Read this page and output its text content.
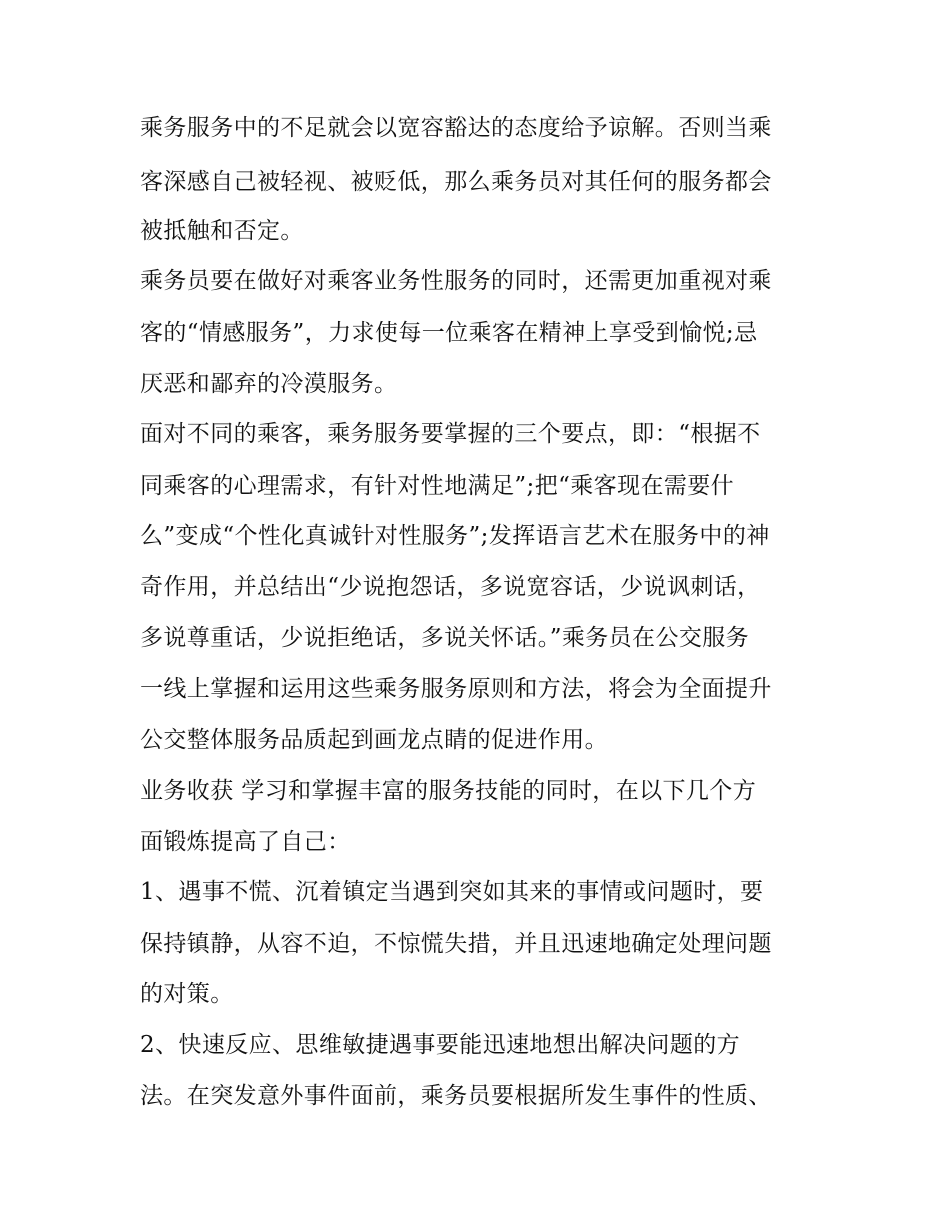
乘务服务中的不足就会以宽容豁达的态度给予谅解。否则当乘

客深感自己被轻视、被贬低，那么乘务员对其任何的服务都会

被抵触和否定。

乘务员要在做好对乘客业务性服务的同时，还需更加重视对乘

客的“情感服务”，力求使每一位乘客在精神上享受到愉悦;忌

厌恶和鄙弃的冷漠服务。

面对不同的乘客，乘务服务要掌握的三个要点，即：“根据不

同乘客的心理需求，有针对性地满足”;把“乘客现在需要什

么”变成“个性化真诚针对性服务”;发挥语言艺术在服务中的神

奇作用，并总结出“少说抱怨话，多说宽容话，少说讽刺话，

多说尊重话，少说拒绝话，多说关怀话。”乘务员在公交服务

一线上掌握和运用这些乘务服务原则和方法，将会为全面提升

公交整体服务品质起到画龙点睛的促进作用。

业务收获 学习和掌握丰富的服务技能的同时，在以下几个方

面锻炼提高了自己：

1、遇事不慌、沉着镇定当遇到突如其来的事情或问题时，要

保持镇静，从容不迫，不惊慌失措，并且迅速地确定处理问题

的对策。

2、快速反应、思维敏捷遇事要能迅速地想出解决问题的方

法。在突发意外事件面前，乘务员要根据所发生事件的性质、
